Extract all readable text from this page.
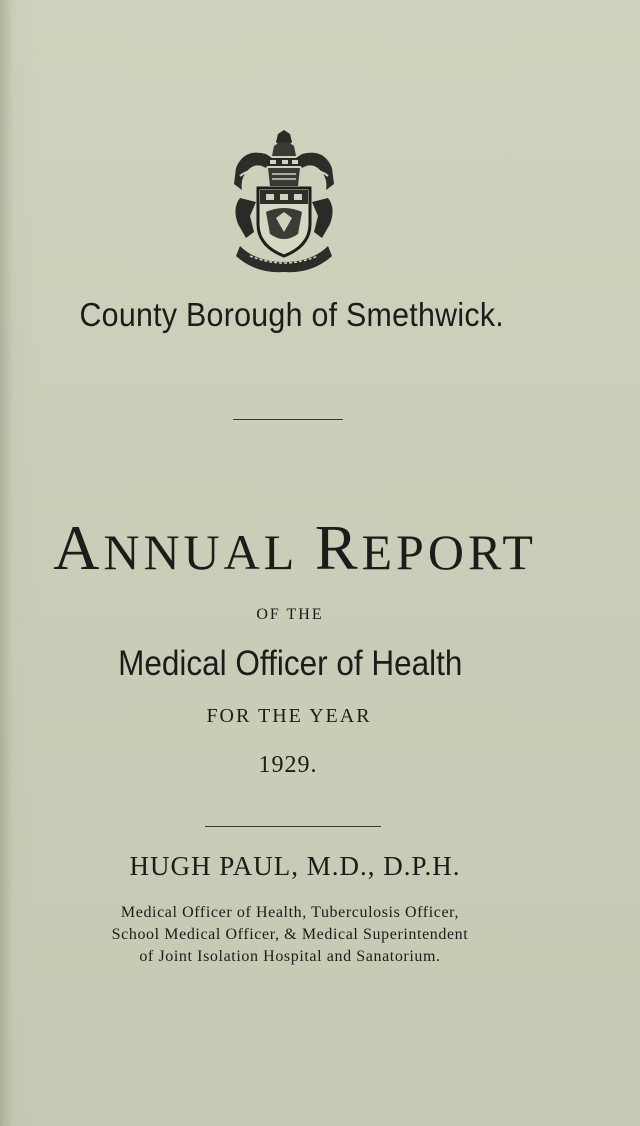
County Borough of Smethwick.
ANNUAL REPORT
OF THE
Medical Officer of Health
FOR THE YEAR
1929.
HUGH PAUL, M.D., D.P.H.
Medical Officer of Health, Tuberculosis Officer,
School Medical Officer, & Medical Superintendent
of Joint Isolation Hospital and Sanatorium.
